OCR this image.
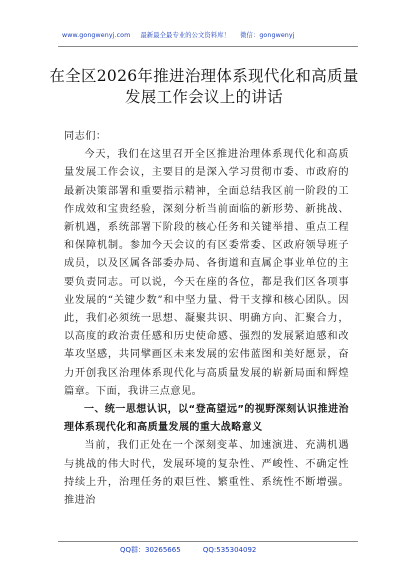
www.gongwenyj.com 最新最全最专业的公文资料库！ 微信：gongwenyj
在全区2026年推进治理体系现代化和高质量
发展工作会议上的讲话

同志们：

今天，我们在这里召开全区推进治理体系现代化和高质量发展工作会议，主要目的是深入学习贯彻市委、市政府的最新决策部署和重要指示精神，全面总结我区前一阶段的工作成效和宝贵经验，深刻分析当前面临的新形势、新挑战、新机遇，系统部署下阶段的核心任务和关键举措、重点工程和保障机制。参加今天会议的有区委常委、区政府领导班子成员，以及区属各部委办局、各街道和直属企事业单位的主要负责同志。可以说，今天在座的各位，都是我们区各项事业发展的“关键少数”和中坚力量、骨干支撑和核心团队。因此，我们必须统一思想、凝聚共识、明确方向、汇聚合力，以高度的政治责任感和历史使命感、强烈的发展紧迫感和改革攻坚感，共同擘画区未来发展的宏伟蓝图和美好愿景，奋力开创我区治理体系现代化与高质量发展的崭新局面和辉煌篇章。下面，我讲三点意见。

一、统一思想认识，以“登高望远”的视野深刻认识推进治理体系现代化和高质量发展的重大战略意义

当前，我们正处在一个深刻变革、加速演进、充满机遇与挑战的伟大时代，发展环境的复杂性、严峻性、不确定性持续上升，治理任务的艰巨性、繁重性、系统性不断增强。推进治

QQ群：30265665	QQ:535304092
